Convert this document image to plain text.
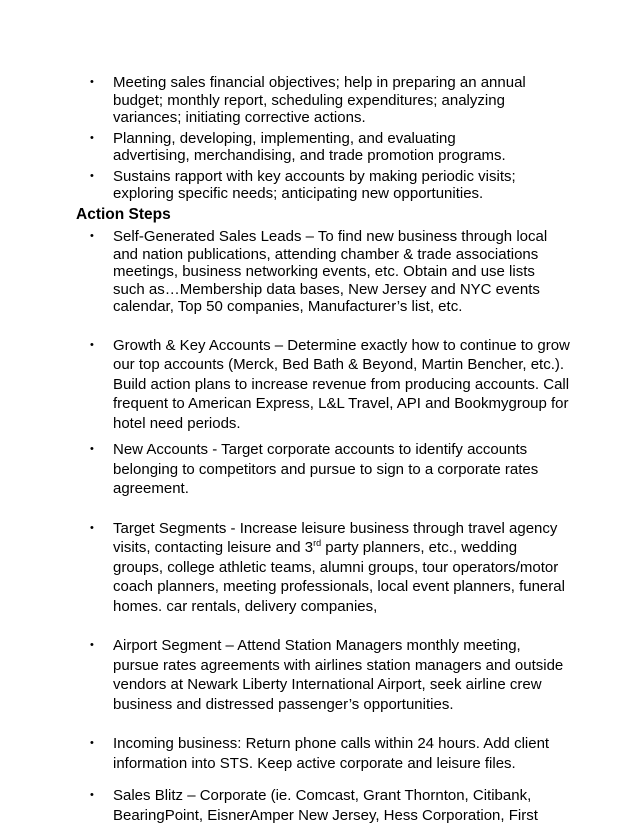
• Meeting sales financial objectives; help in preparing an annual budget; monthly report, scheduling expenditures; analyzing variances; initiating corrective actions.
• Planning, developing, implementing, and evaluating advertising, merchandising, and trade promotion programs.
• Sustains rapport with key accounts by making periodic visits; exploring specific needs; anticipating new opportunities.
Action Steps
• Self-Generated Sales Leads – To find new business through local and nation publications, attending chamber & trade associations meetings, business networking events, etc. Obtain and use lists such as…Membership data bases, New Jersey and NYC events calendar, Top 50 companies, Manufacturer’s list, etc.
• Growth & Key Accounts – Determine exactly how to continue to grow our top accounts (Merck, Bed Bath & Beyond, Martin Bencher, etc.). Build action plans to increase revenue from producing accounts. Call frequent to American Express, L&L Travel, API and Bookmygroup for hotel need periods.
• New Accounts - Target corporate accounts to identify accounts belonging to competitors and pursue to sign to a corporate rates agreement.
• Target Segments - Increase leisure business through travel agency visits, contacting leisure and 3rd party planners, etc., wedding groups, college athletic teams, alumni groups, tour operators/motor coach planners, meeting professionals, local event planners, funeral homes. car rentals, delivery companies,
• Airport Segment – Attend Station Managers monthly meeting, pursue rates agreements with airlines station managers and outside vendors at Newark Liberty International Airport, seek airline crew business and distressed passenger’s opportunities.
• Incoming business: Return phone calls within 24 hours. Add client information into STS. Keep active corporate and leisure files.
• Sales Blitz – Corporate (ie. Comcast, Grant Thornton, Citibank, BearingPoint, EisnerAmper New Jersey, Hess Corporation, First
